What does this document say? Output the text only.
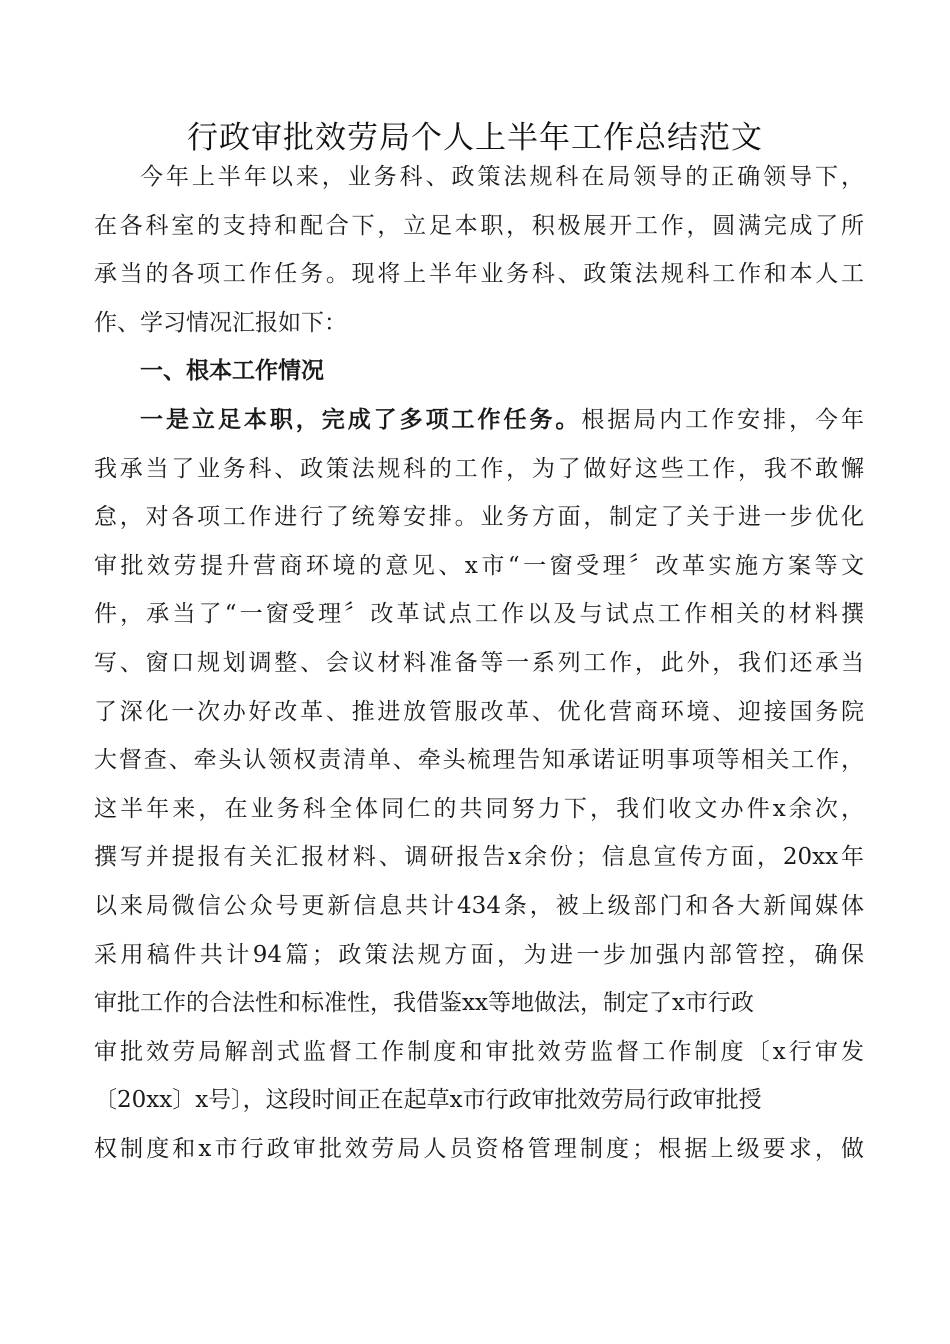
行政审批效劳局个人上半年工作总结范文
今年上半年以来，业务科、政策法规科在局领导的正确领导下，
在各科室的支持和配合下，立足本职，积极展开工作，圆满完成了所
承当的各项工作任务。现将上半年业务科、政策法规科工作和本人工
作、学习情况汇报如下：
一、根本工作情况
一是立足本职，完成了多项工作任务。根据局内工作安排，今年
我承当了业务科、政策法规科的工作，为了做好这些工作，我不敢懈
怠，对各项工作进行了统筹安排。业务方面，制定了关于进一步优化
审批效劳提升营商环境的意见、x市“一窗受理〞改革实施方案等文
件，承当了“一窗受理〞改革试点工作以及与试点工作相关的材料撰
写、窗口规划调整、会议材料准备等一系列工作，此外，我们还承当
了深化一次办好改革、推进放管服改革、优化营商环境、迎接国务院
大督查、牵头认领权责清单、牵头梳理告知承诺证明事项等相关工作，
这半年来，在业务科全体同仁的共同努力下，我们收文办件x余次，
撰写并提报有关汇报材料、调研报告x余份；信息宣传方面，20xx年
以来局微信公众号更新信息共计434条，被上级部门和各大新闻媒体
采用稿件共计94篇；政策法规方面，为进一步加强内部管控，确保
审批工作的合法性和标准性，我借鉴xx等地做法，制定了x市行政
审批效劳局解剖式监督工作制度和审批效劳监督工作制度〔x行审发
〔20xx〕x号〕，这段时间正在起草x市行政审批效劳局行政审批授
权制度和x市行政审批效劳局人员资格管理制度；根据上级要求，做
